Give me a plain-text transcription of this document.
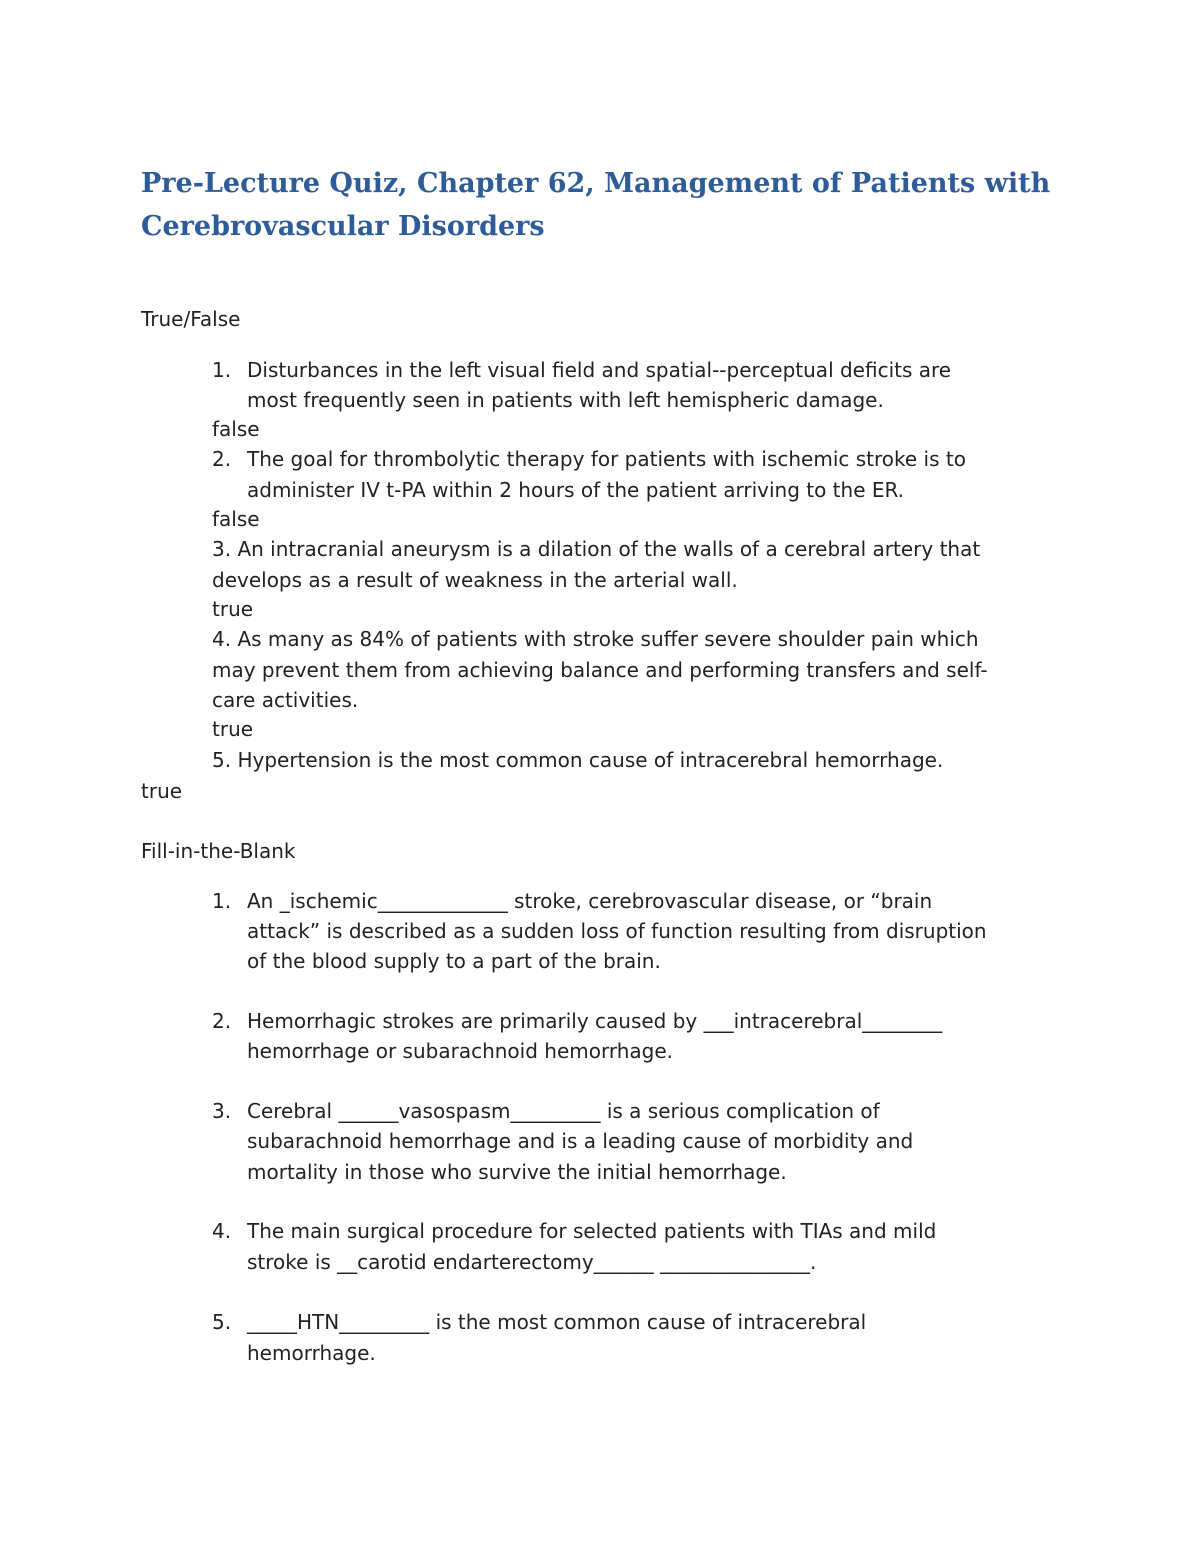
Pre-Lecture Quiz, Chapter 62, Management of Patients with Cerebrovascular Disorders
True/False
1. Disturbances in the left visual field and spatial--perceptual deficits are
most frequently seen in patients with left hemispheric damage.
false
2. The goal for thrombolytic therapy for patients with ischemic stroke is to
administer IV t-PA within 2 hours of the patient arriving to the ER.
false
3. An intracranial aneurysm is a dilation of the walls of a cerebral artery that
develops as a result of weakness in the arterial wall.
true
4. As many as 84% of patients with stroke suffer severe shoulder pain which
may prevent them from achieving balance and performing transfers and self-
care activities.
true
5. Hypertension is the most common cause of intracerebral hemorrhage.
true
Fill-in-the-Blank
1. An _ischemic_____________ stroke, cerebrovascular disease, or “brain
attack” is described as a sudden loss of function resulting from disruption
of the blood supply to a part of the brain.
2. Hemorrhagic strokes are primarily caused by ___intracerebral________
hemorrhage or subarachnoid hemorrhage.
3. Cerebral ______vasospasm_________ is a serious complication of
subarachnoid hemorrhage and is a leading cause of morbidity and
mortality in those who survive the initial hemorrhage.
4. The main surgical procedure for selected patients with TIAs and mild
stroke is __carotid endarterectomy______ _______________.
5. _____HTN_________ is the most common cause of intracerebral
hemorrhage.
